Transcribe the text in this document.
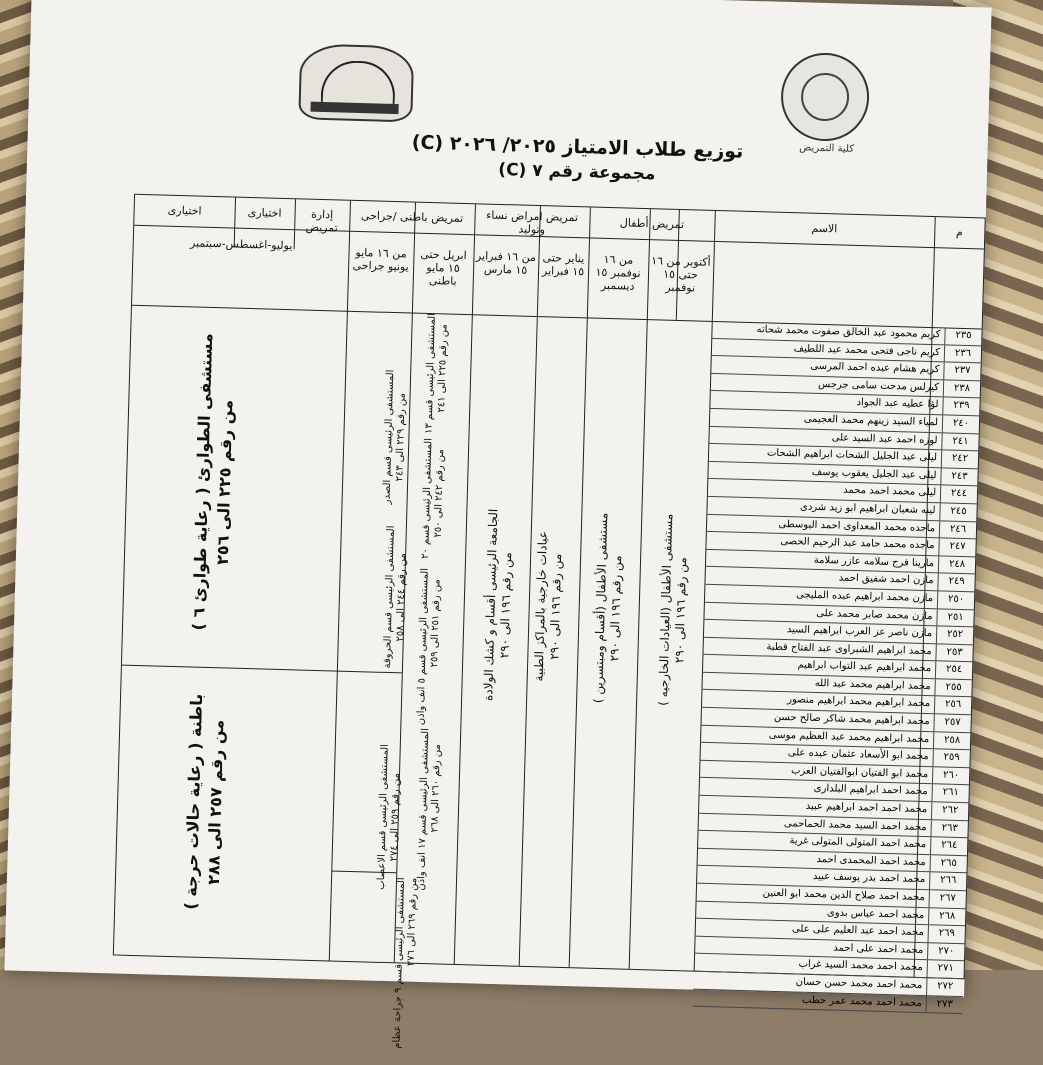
كلية التمريض
توزيع طلاب الامتياز ٢٠٢٥/ ٢٠٢٦ (C)
مجموعة رقم ٧ (C)
م
الاسم
تمريض أطفال
تمريض امراض نساء وتوليد
تمريض باطنى /جراحى
إدارة تمريض
اختيارى
اختيارى
أكتوبر من ١٦ حتى ١٥ نوفمبر
من ١٦ نوفمبر ١٥ ديسمبر
يناير حتى ١٥ فبراير
من ١٦ فبراير ١٥ مارس
ابريل حتى ١٥ مايو باطنى
من ١٦ مايو يونيو جراحى
يوليو-اغسطس-سبتمبر
مستشفى الأطفال (العيادات الخارجيه )
من رقم ١٩٦ الى ٢٩٠
مستشفى الأطفال (أقسام ومبتسرين )
من رقم ١٩٦ الى ٢٩٠
عيادات خارجية بالمراكز الطبية
من رقم ١٩٦ الى ٢٩٠
الجامعة الرئيسى أقسام و كشك الولادة
من رقم ١٩٦ الى ٢٩٠
المستشفى الرئيسى قسم ١٣
من رقم ٢٢٥ الى ٢٤١
المستشفى الرئيسى قسم ٢٠
من رقم ٢٤٢ الى ٢٥٠
المستشفى الرئيسى قسم ٥ انف واذن
من رقم ٢٥١ الى ٢٥٩
المستشفى الرئيسى قسم ١٧ انف واذن
من رقم ٢٦٠ الى ٢٦٨
المستشفى الرئيسى قسم ٩ جراحة عظام
من رقم ٢٦٩ الى ٢٧٦
المستشفى الرئيسى قسم الصدر
من رقم ٢٢٩ الى ٢٤٣
المستشفى الرئيسى قسم الحروقة
من رقم ٢٤٤ الى ٢٥٨
المستشفى الرئيسى قسم الاعصاب
من رقم ٢٥٩ الى ٢٧٤
مستشفى الطوارئ ( رعاية طوارئ ٦ )
من رقم ٢٢٥ الى ٢٥٦
باطنة ( رعاية حالات حرجة )
من رقم ٢٥٧ الى ٢٨٨
٢٣٥
كريم محمود عبد الخالق صفوت محمد شحاته
٢٣٦
كريم ناجى فتحى محمد عبد اللطيف
٢٣٧
كريم هشام عبده احمد المرسى
٢٣٨
كيرلس مدحت سامى جرجس
٢٣٩
لؤا عطيه عبد الجواد
٢٤٠
لمياء السيد زينهم محمد العجيمى
٢٤١
لوزه احمد عبد السيد على
٢٤٢
ليلى عبد الجليل الشحات ابراهيم الشحات
٢٤٣
ليلى عبد الجليل يعقوب يوسف
٢٤٤
ليلى محمد احمد محمد
٢٤٥
لينه شعبان ابراهيم ابو زيد شردى
٢٤٦
ماجده محمد المعداوى احمد البوسطى
٢٤٧
ماجده محمد حامد عبد الرحيم الحصى
٢٤٨
مارينا فرج سلامه عازر سلامة
٢٤٩
مازن احمد شفيق احمد
٢٥٠
مازن محمد ابراهيم عبده المليجى
٢٥١
مازن محمد صابر محمد على
٢٥٢
مازن ناصر عز العرب ابراهيم السيد
٢٥٣
محمد ابراهيم الشبراوى عبد الفتاح قطبة
٢٥٤
محمد ابراهيم عبد التواب ابراهيم
٢٥٥
محمد ابراهيم محمد عبد الله
٢٥٦
محمد ابراهيم محمد ابراهيم منصور
٢٥٧
محمد ابراهيم محمد شاكر صالح حسن
٢٥٨
محمد ابراهيم محمد عبد العظيم موسى
٢٥٩
محمد ابو الأسعاد عثمان عبده على
٢٦٠
محمد ابو الفتيان ابوالفتيان العرب
٢٦١
محمد احمد ابراهيم البلدارى
٢٦٢
محمد احمد احمد ابراهيم عبيد
٢٦٣
محمد احمد السيد محمد الحماحمى
٢٦٤
محمد احمد المتولى المتولى غرية
٢٦٥
محمد احمد المحمدى احمد
٢٦٦
محمد احمد بدر يوسف عبيد
٢٦٧
محمد احمد صلاح الدين محمد ابو العنين
٢٦٨
محمد احمد عباس بدوى
٢٦٩
محمد احمد عبد العليم على على
٢٧٠
محمد احمد على احمد
٢٧١
محمد احمد محمد السيد غراب
٢٧٢
محمد احمد محمد حسن حسان
٢٧٣
محمد احمد محمد عمر حطب
